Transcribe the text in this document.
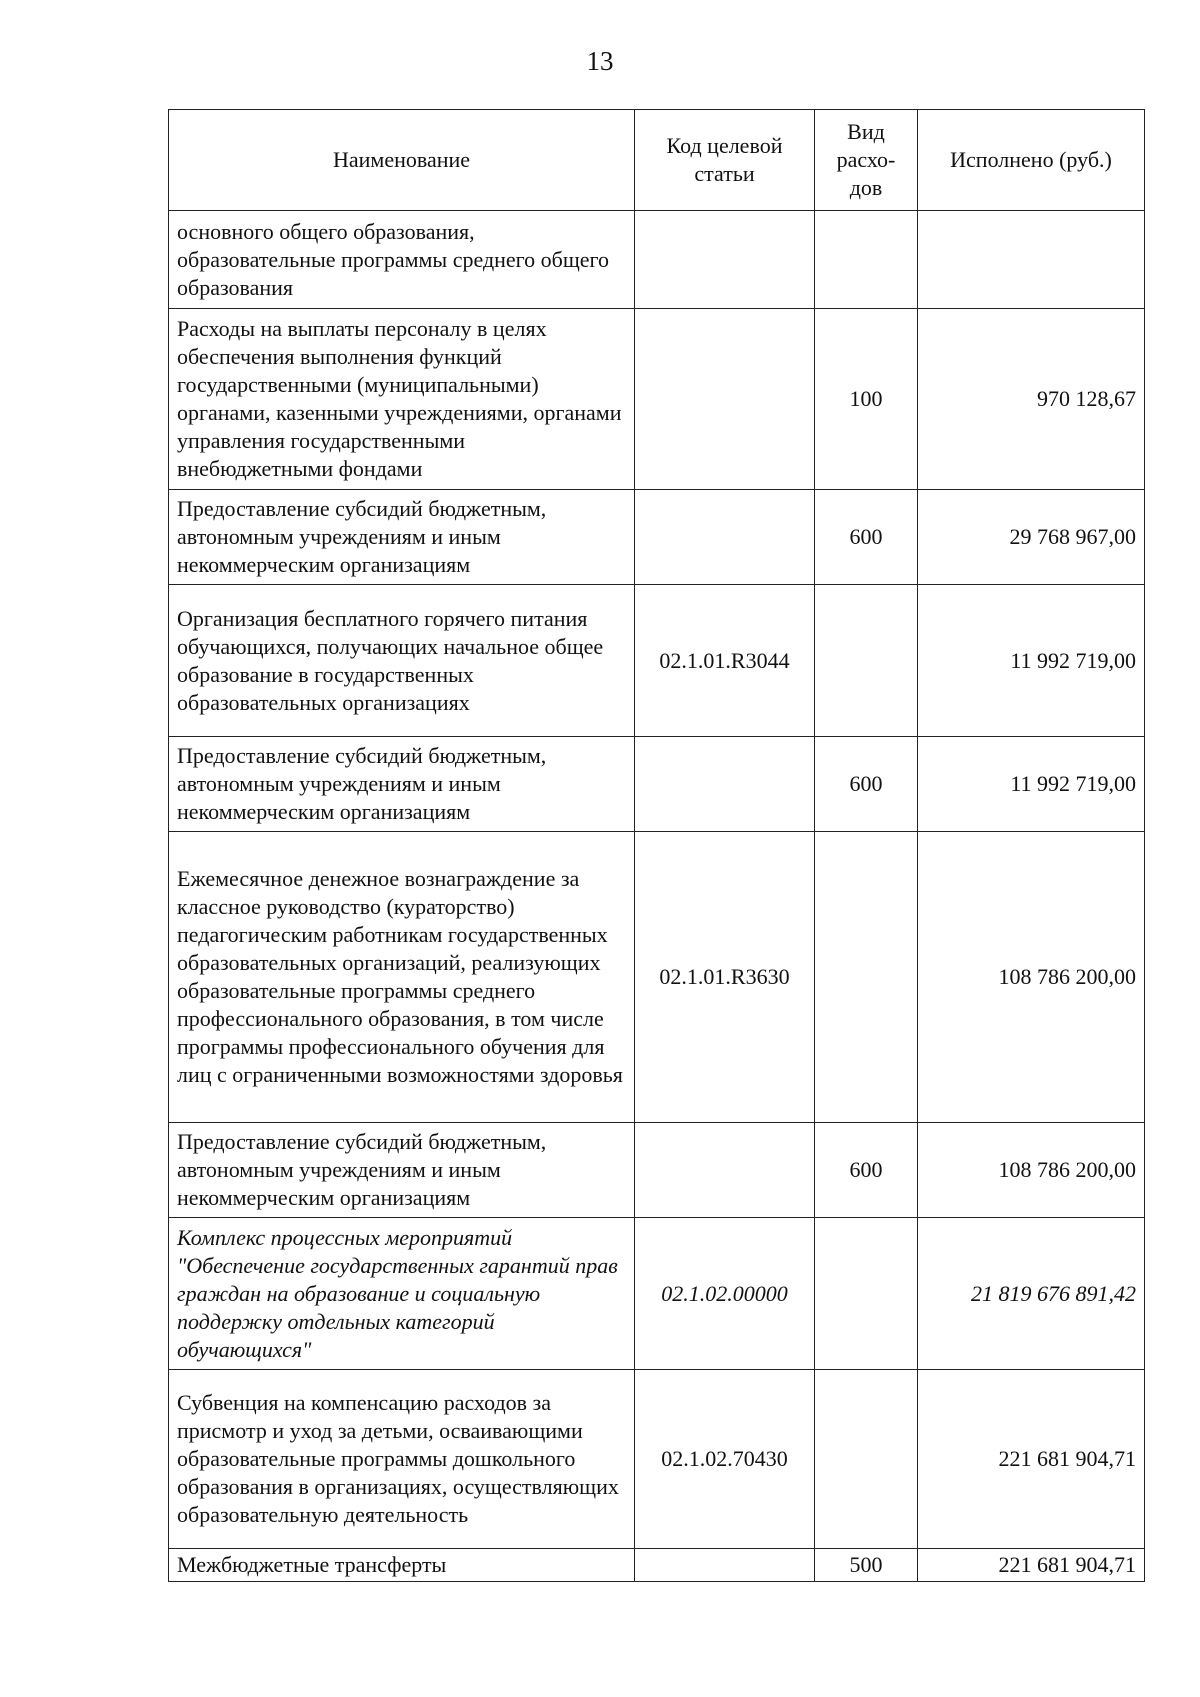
13
Наименование	Код целевой статьи	Вид расхо-дов	Исполнено (руб.)
основного общего образования, образовательные программы среднего общего образования			
Расходы на выплаты персоналу в целях обеспечения выполнения функций государственными (муниципальными) органами, казенными учреждениями, органами управления государственными внебюджетными фондами		100	970 128,67
Предоставление субсидий бюджетным, автономным учреждениям и иным некоммерческим организациям		600	29 768 967,00
Организация бесплатного горячего питания обучающихся, получающих начальное общее образование в государственных образовательных организациях	02.1.01.R3044		11 992 719,00
Предоставление субсидий бюджетным, автономным учреждениям и иным некоммерческим организациям		600	11 992 719,00
Ежемесячное денежное вознаграждение за классное руководство (кураторство) педагогическим работникам государственных образовательных организаций, реализующих образовательные программы среднего профессионального образования, в том числе программы профессионального обучения для лиц с ограниченными возможностями здоровья	02.1.01.R3630		108 786 200,00
Предоставление субсидий бюджетным, автономным учреждениям и иным некоммерческим организациям		600	108 786 200,00
Комплекс процессных мероприятий "Обеспечение государственных гарантий прав граждан на образование и социальную поддержку отдельных категорий обучающихся"	02.1.02.00000		21 819 676 891,42
Субвенция на компенсацию расходов за присмотр и уход за детьми, осваивающими образовательные программы дошкольного образования в организациях, осуществляющих образовательную деятельность	02.1.02.70430		221 681 904,71
Межбюджетные трансферты		500	221 681 904,71
